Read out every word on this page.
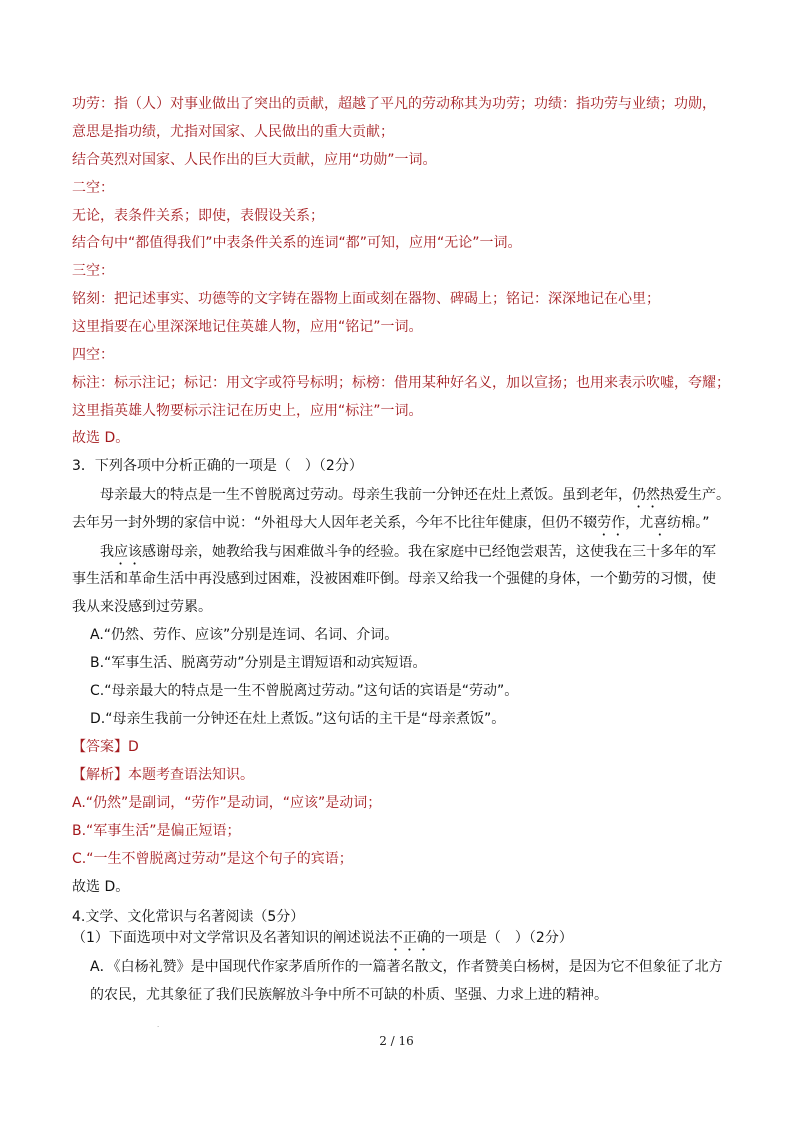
功劳：指（人）对事业做出了突出的贡献，超越了平凡的劳动称其为功劳；功绩：指功劳与业绩；功勋，
意思是指功绩，尤指对国家、人民做出的重大贡献；
结合英烈对国家、人民作出的巨大贡献，应用“功勋”一词。
二空：
无论，表条件关系；即使，表假设关系；
结合句中“都值得我们”中表条件关系的连词“都”可知，应用“无论”一词。
三空：
铭刻：把记述事实、功德等的文字铸在器物上面或刻在器物、碑碣上；铭记：深深地记在心里；
这里指要在心里深深地记住英雄人物，应用“铭记”一词。
四空：
标注：标示注记；标记：用文字或符号标明；标榜：借用某种好名义，加以宣扬；也用来表示吹嘘，夸耀；
这里指英雄人物要标示注记在历史上，应用“标注”一词。
故选 D。
3．下列各项中分析正确的一项是（　）（2分）
母亲最大的特点是一生不曾脱离过劳动。母亲生我前一分钟还在灶上煮饭。虽到老年，仍然热爱生产。
去年另一封外甥的家信中说：“外祖母大人因年老关系，今年不比往年健康，但仍不辍劳作，尤喜纺棉。”
我应该感谢母亲，她教给我与困难做斗争的经验。我在家庭中已经饱尝艰苦，这使我在三十多年的军
事生活和革命生活中再没感到过困难，没被困难吓倒。母亲又给我一个强健的身体，一个勤劳的习惯，使
我从来没感到过劳累。
A.“仍然、劳作、应该”分别是连词、名词、介词。
B.“军事生活、脱离劳动”分别是主谓短语和动宾短语。
C.“母亲最大的特点是一生不曾脱离过劳动。”这句话的宾语是“劳动”。
D.“母亲生我前一分钟还在灶上煮饭。”这句话的主干是“母亲煮饭”。
【答案】D
【解析】本题考查语法知识。
A.“仍然”是副词，“劳作”是动词，“应该”是动词；
B.“军事生活”是偏正短语；
C.“一生不曾脱离过劳动”是这个句子的宾语；
故选 D。
4.文学、文化常识与名著阅读（5分）
（1）下面选项中对文学常识及名著知识的阐述说法不正确的一项是（　）（2分）
A．《白杨礼赞》是中国现代作家茅盾所作的一篇著名散文，作者赞美白杨树，是因为它不但象征了北方
的农民，尤其象征了我们民族解放斗争中所不可缺的朴质、坚强、力求上进的精神。
·
2 / 16
